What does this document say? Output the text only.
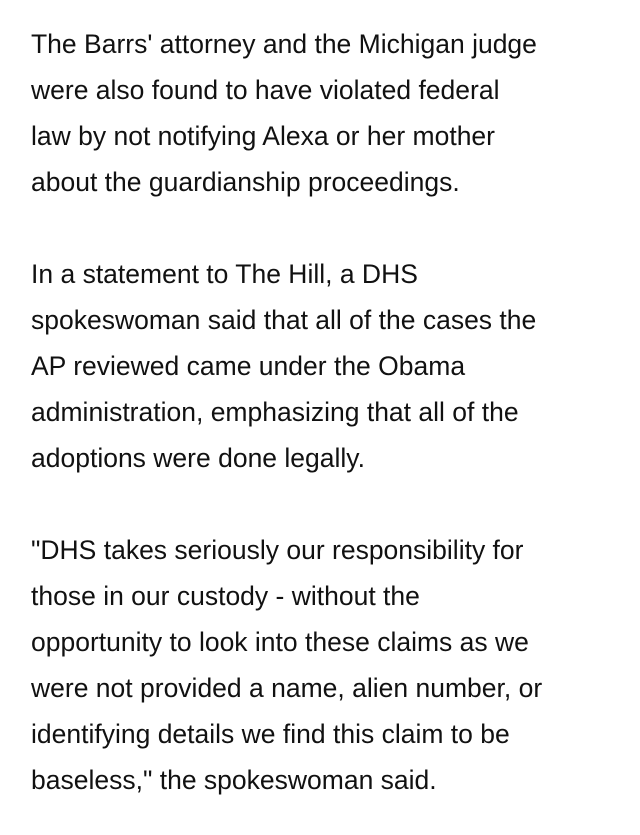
The Barrs' attorney and the Michigan judge
were also found to have violated federal
law by not notifying Alexa or her mother
about the guardianship proceedings.

In a statement to The Hill, a DHS
spokeswoman said that all of the cases the
AP reviewed came under the Obama
administration, emphasizing that all of the
adoptions were done legally.

"DHS takes seriously our responsibility for
those in our custody - without the
opportunity to look into these claims as we
were not provided a name, alien number, or
identifying details we find this claim to be
baseless," the spokeswoman said.
